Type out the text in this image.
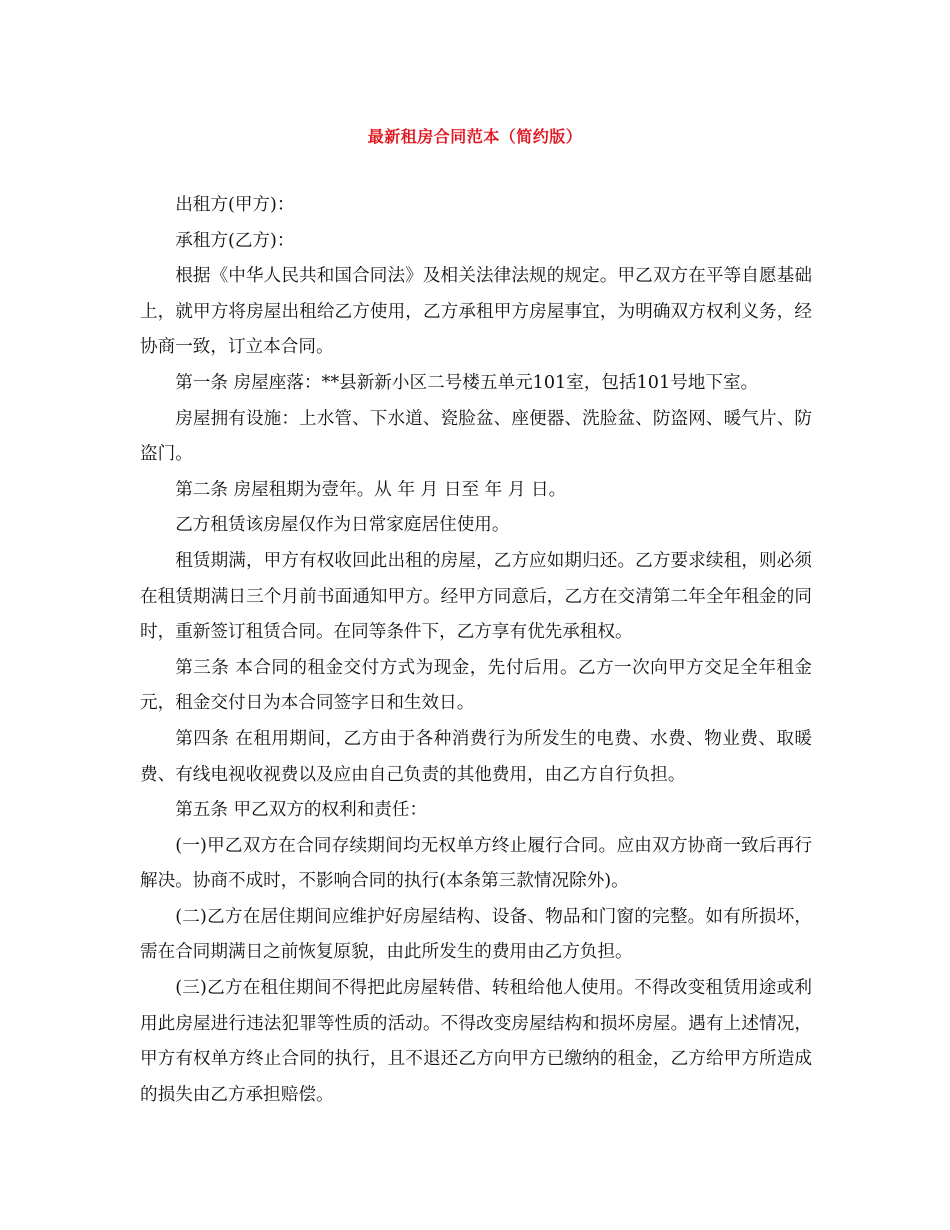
最新租房合同范本（简约版）

出租方(甲方)：

承租方(乙方)：

根据《中华人民共和国合同法》及相关法律法规的规定。甲乙双方在平等自愿基础上，就甲方将房屋出租给乙方使用，乙方承租甲方房屋事宜，为明确双方权利义务，经协商一致，订立本合同。

第一条 房屋座落：**县新新小区二号楼五单元101室，包括101号地下室。

房屋拥有设施：上水管、下水道、瓷脸盆、座便器、洗脸盆、防盗网、暖气片、防盗门。

第二条 房屋租期为壹年。从 年 月 日至 年 月 日。

乙方租赁该房屋仅作为日常家庭居住使用。

租赁期满，甲方有权收回此出租的房屋，乙方应如期归还。乙方要求续租，则必须在租赁期满日三个月前书面通知甲方。经甲方同意后，乙方在交清第二年全年租金的同时，重新签订租赁合同。在同等条件下，乙方享有优先承租权。

第三条 本合同的租金交付方式为现金，先付后用。乙方一次向甲方交足全年租金 元，租金交付日为本合同签字日和生效日。

第四条 在租用期间，乙方由于各种消费行为所发生的电费、水费、物业费、取暖费、有线电视收视费以及应由自己负责的其他费用，由乙方自行负担。

第五条 甲乙双方的权利和责任：

(一)甲乙双方在合同存续期间均无权单方终止履行合同。应由双方协商一致后再行解决。协商不成时，不影响合同的执行(本条第三款情况除外)。

(二)乙方在居住期间应维护好房屋结构、设备、物品和门窗的完整。如有所损坏，需在合同期满日之前恢复原貌，由此所发生的费用由乙方负担。

(三)乙方在租住期间不得把此房屋转借、转租给他人使用。不得改变租赁用途或利用此房屋进行违法犯罪等性质的活动。不得改变房屋结构和损坏房屋。遇有上述情况，甲方有权单方终止合同的执行，且不退还乙方向甲方已缴纳的租金，乙方给甲方所造成的损失由乙方承担赔偿。
